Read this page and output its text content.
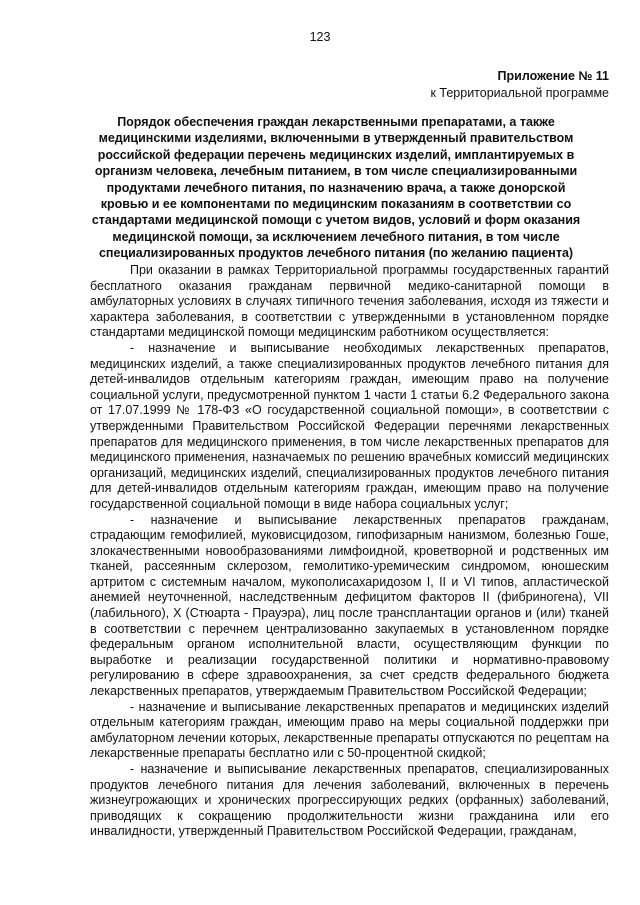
123
Приложение № 11
к Территориальной программе
Порядок обеспечения граждан лекарственными препаратами, а также медицинскими изделиями, включенными в утвержденный правительством российской федерации перечень медицинских изделий, имплантируемых в организм человека, лечебным питанием, в том числе специализированными продуктами лечебного питания, по назначению врача, а также донорской кровью и ее компонентами по медицинским показаниям в соответствии со стандартами медицинской помощи с учетом видов, условий и форм оказания медицинской помощи, за исключением лечебного питания, в том числе специализированных продуктов лечебного питания (по желанию пациента)

При оказании в рамках Территориальной программы государственных гарантий бесплатного оказания гражданам первичной медико-санитарной помощи в амбулаторных условиях в случаях типичного течения заболевания, исходя из тяжести и характера заболевания, в соответствии с утвержденными в установленном порядке стандартами медицинской помощи медицинским работником осуществляется:

- назначение и выписывание необходимых лекарственных препаратов, медицинских изделий, а также специализированных продуктов лечебного питания для детей-инвалидов отдельным категориям граждан, имеющим право на получение социальной услуги, предусмотренной пунктом 1 части 1 статьи 6.2 Федерального закона от 17.07.1999 № 178-ФЗ «О государственной социальной помощи», в соответствии с утвержденными Правительством Российской Федерации перечнями лекарственных препаратов для медицинского применения, в том числе лекарственных препаратов для медицинского применения, назначаемых по решению врачебных комиссий медицинских организаций, медицинских изделий, специализированных продуктов лечебного питания для детей-инвалидов отдельным категориям граждан, имеющим право на получение государственной социальной помощи в виде набора социальных услуг;

- назначение и выписывание лекарственных препаратов гражданам, страдающим гемофилией, муковисцидозом, гипофизарным нанизмом, болезнью Гоше, злокачественными новообразованиями лимфоидной, кроветворной и родственных им тканей, рассеянным склерозом, гемолитико-уремическим синдромом, юношеским артритом с системным началом, мукополисахаридозом I, II и VI типов, апластической анемией неуточненной, наследственным дефицитом факторов II (фибриногена), VII (лабильного), X (Стюарта - Прауэра), лиц после трансплантации органов и (или) тканей в соответствии с перечнем централизованно закупаемых в установленном порядке федеральным органом исполнительной власти, осуществляющим функции по выработке и реализации государственной политики и нормативно-правовому регулированию в сфере здравоохранения, за счет средств федерального бюджета лекарственных препаратов, утверждаемым Правительством Российской Федерации;

- назначение и выписывание лекарственных препаратов и медицинских изделий отдельным категориям граждан, имеющим право на меры социальной поддержки при амбулаторном лечении которых, лекарственные препараты отпускаются по рецептам на лекарственные препараты бесплатно или с 50-процентной скидкой;

- назначение и выписывание лекарственных препаратов, специализированных продуктов лечебного питания для лечения заболеваний, включенных в перечень жизнеугрожающих и хронических прогрессирующих редких (орфанных) заболеваний, приводящих к сокращению продолжительности жизни гражданина или его инвалидности, утвержденный Правительством Российской Федерации, гражданам,
